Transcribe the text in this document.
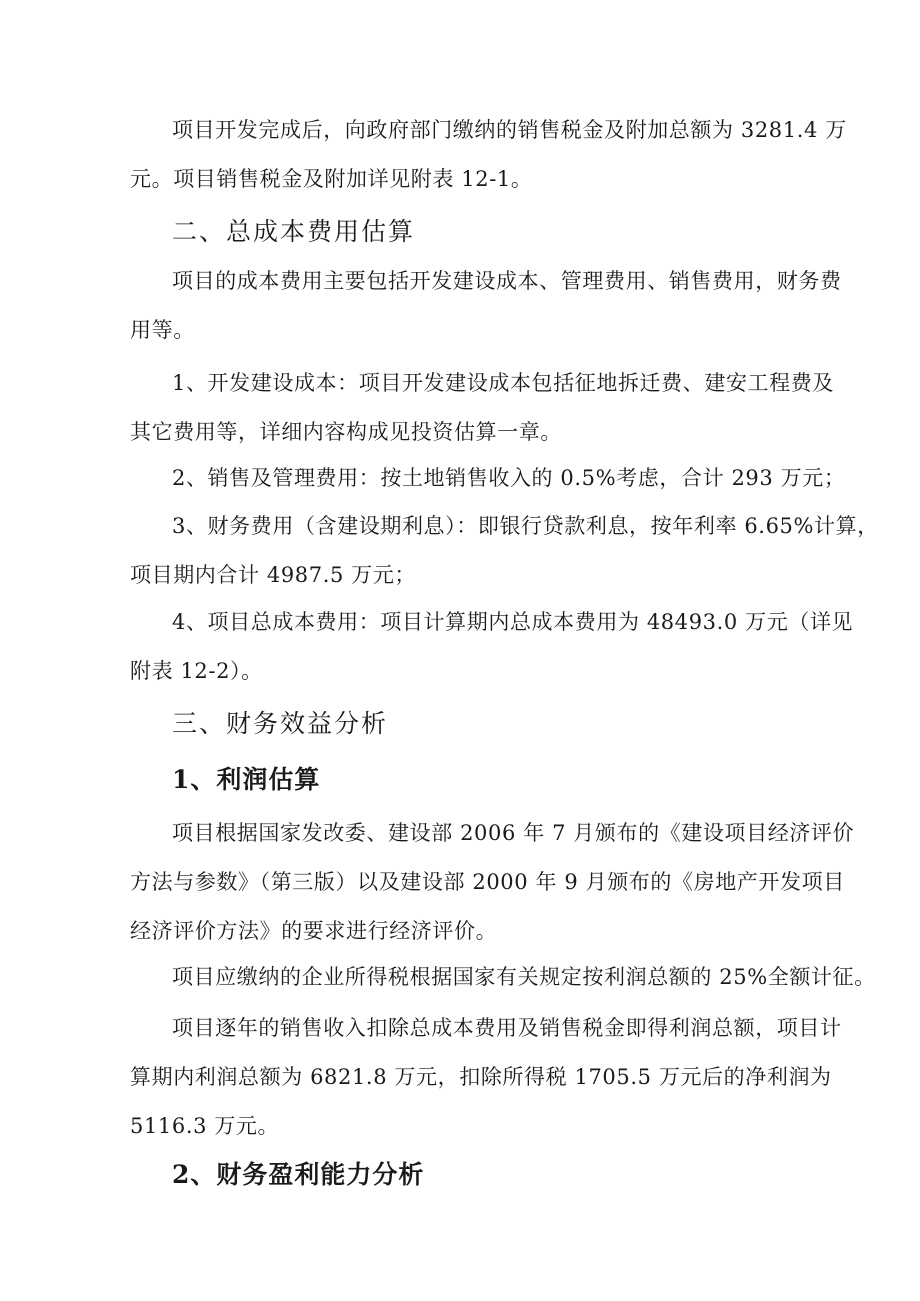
项目开发完成后，向政府部门缴纳的销售税金及附加总额为 3281.4 万
元。项目销售税金及附加详见附表 12-1。

二、总成本费用估算

项目的成本费用主要包括开发建设成本、管理费用、销售费用，财务费
用等。

1、开发建设成本：项目开发建设成本包括征地拆迁费、建安工程费及
其它费用等，详细内容构成见投资估算一章。

2、销售及管理费用：按土地销售收入的 0.5%考虑，合计 293 万元；

3、财务费用（含建设期利息）：即银行贷款利息，按年利率 6.65%计算，
项目期内合计 4987.5 万元；

4、项目总成本费用：项目计算期内总成本费用为 48493.0 万元（详见
附表 12-2）。

三、财务效益分析
1、利润估算

项目根据国家发改委、建设部 2006 年 7 月颁布的《建设项目经济评价
方法与参数》（第三版）以及建设部 2000 年 9 月颁布的《房地产开发项目
经济评价方法》的要求进行经济评价。

项目应缴纳的企业所得税根据国家有关规定按利润总额的 25%全额计征。

项目逐年的销售收入扣除总成本费用及销售税金即得利润总额，项目计
算期内利润总额为 6821.8 万元，扣除所得税 1705.5 万元后的净利润为
5116.3 万元。

2、财务盈利能力分析
